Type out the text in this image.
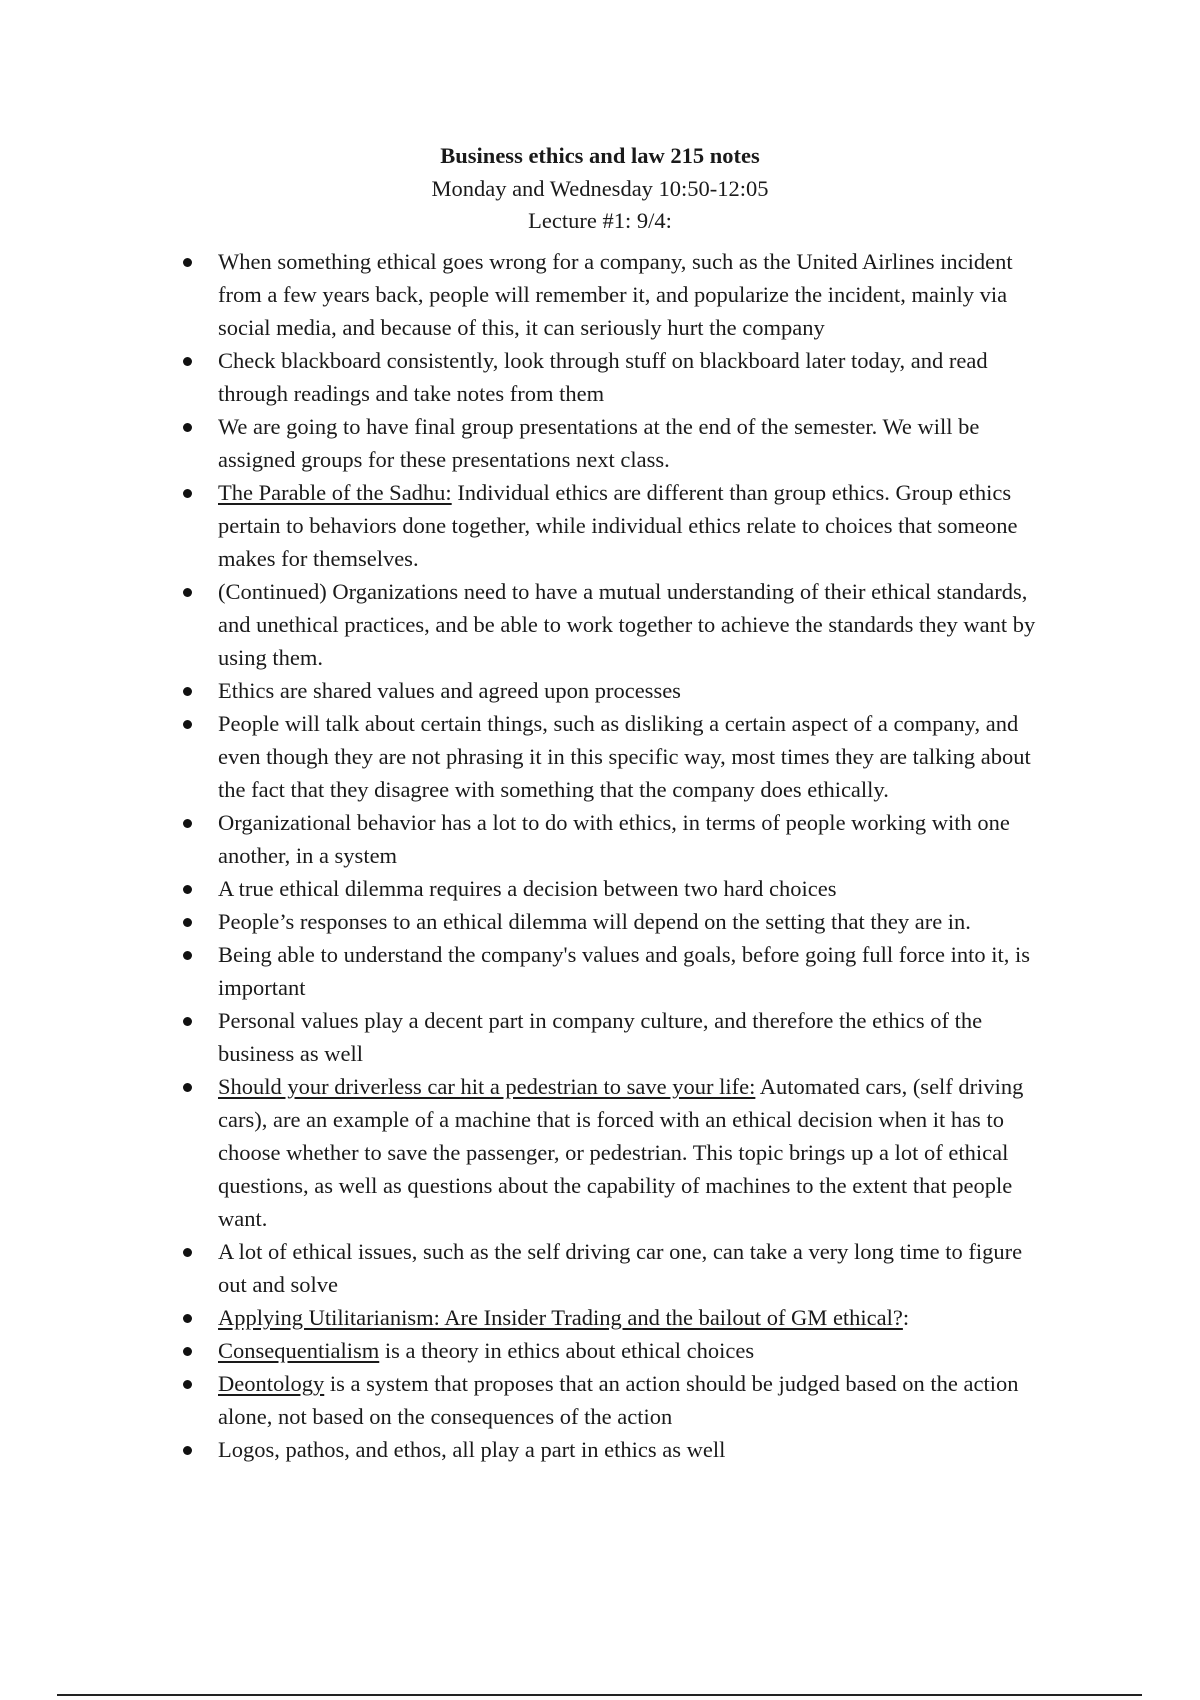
Business ethics and law 215 notes
Monday and Wednesday 10:50-12:05
Lecture #1: 9/4:
When something ethical goes wrong for a company, such as the United Airlines incident from a few years back, people will remember it, and popularize the incident, mainly via social media, and because of this, it can seriously hurt the company
Check blackboard consistently, look through stuff on blackboard later today, and read through readings and take notes from them
We are going to have final group presentations at the end of the semester. We will be assigned groups for these presentations next class.
The Parable of the Sadhu: Individual ethics are different than group ethics. Group ethics pertain to behaviors done together, while individual ethics relate to choices that someone makes for themselves.
(Continued) Organizations need to have a mutual understanding of their ethical standards, and unethical practices, and be able to work together to achieve the standards they want by using them.
Ethics are shared values and agreed upon processes
People will talk about certain things, such as disliking a certain aspect of a company, and even though they are not phrasing it in this specific way, most times they are talking about the fact that they disagree with something that the company does ethically.
Organizational behavior has a lot to do with ethics, in terms of people working with one another, in a system
A true ethical dilemma requires a decision between two hard choices
People’s responses to an ethical dilemma will depend on the setting that they are in.
Being able to understand the company's values and goals, before going full force into it, is important
Personal values play a decent part in company culture, and therefore the ethics of the business as well
Should your driverless car hit a pedestrian to save your life: Automated cars, (self driving cars), are an example of a machine that is forced with an ethical decision when it has to choose whether to save the passenger, or pedestrian. This topic brings up a lot of ethical questions, as well as questions about the capability of machines to the extent that people want.
A lot of ethical issues, such as the self driving car one, can take a very long time to figure out and solve
Applying Utilitarianism: Are Insider Trading and the bailout of GM ethical?:
Consequentialism is a theory in ethics about ethical choices
Deontology is a system that proposes that an action should be judged based on the action alone, not based on the consequences of the action
Logos, pathos, and ethos, all play a part in ethics as well
